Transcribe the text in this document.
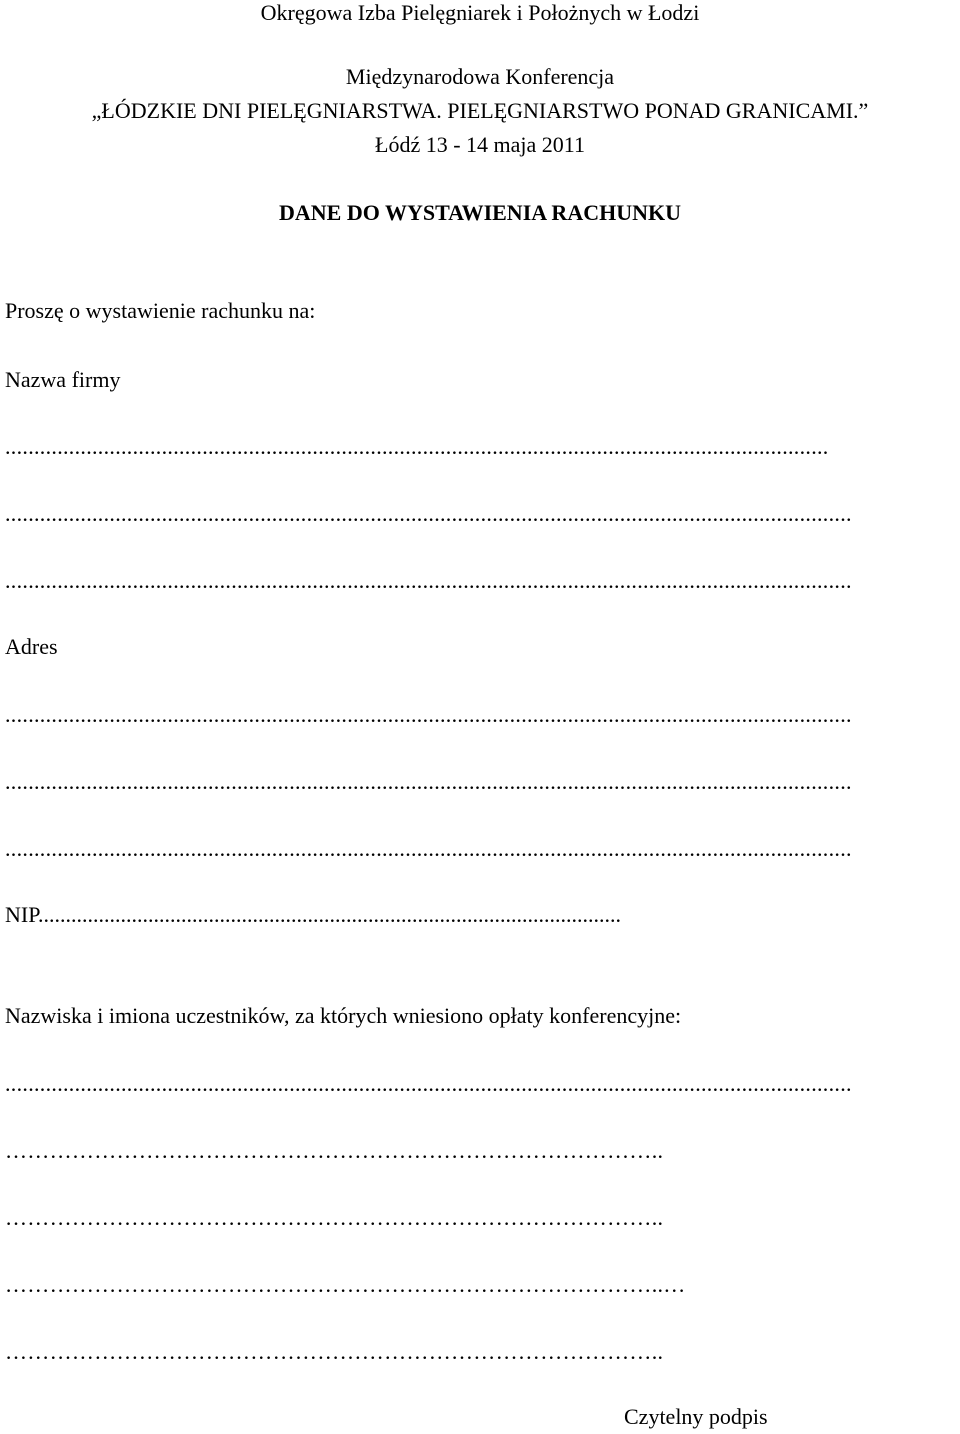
Okręgowa Izba Pielęgniarek i Położnych w Łodzi
Międzynarodowa Konferencja
„ŁÓDZKIE DNI PIELĘGNIARSTWA. PIELĘGNIARSTWO PONAD GRANICAMI.”
Łódź 13 - 14 maja 2011
DANE DO WYSTAWIENIA RACHUNKU
Proszę o wystawienie rachunku na:
Nazwa firmy
..............................................................................................................................................
..................................................................................................................................................
..................................................................................................................................................
Adres
..................................................................................................................................................
..................................................................................................................................................
..................................................................................................................................................
NIP..........................................................................................................
Nazwiska i imiona uczestników, za których wniesiono opłaty konferencyjne:
..................................................................................................................................................
……………………………………………………………………………..
……………………………………………………………………………..
……………………………………………………………………………..…
……………………………………………………………………………..
Czytelny podpis
